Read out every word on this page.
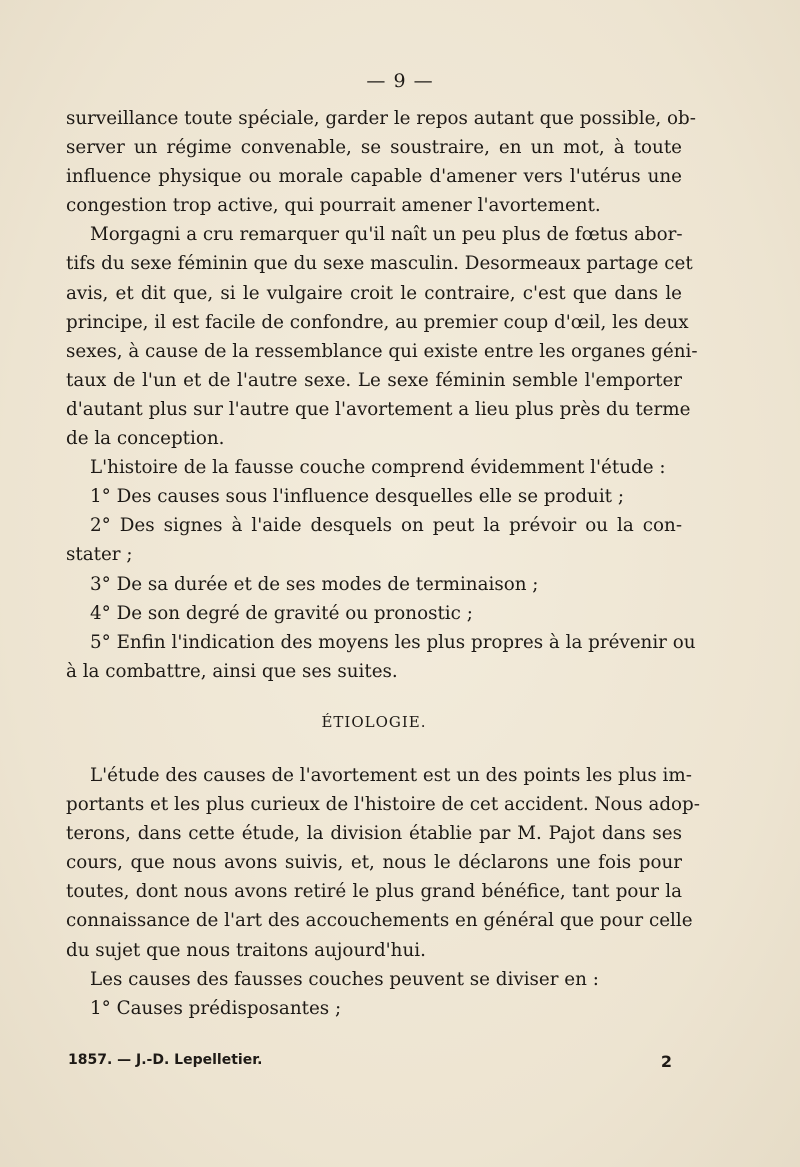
— 9 —
surveillance toute spéciale, garder le repos autant que possible, ob-
server un régime convenable, se soustraire, en un mot, à toute
influence physique ou morale capable d'amener vers l'utérus une
congestion trop active, qui pourrait amener l'avortement.
Morgagni a cru remarquer qu'il naît un peu plus de fœtus abor-
tifs du sexe féminin que du sexe masculin. Desormeaux partage cet
avis, et dit que, si le vulgaire croit le contraire, c'est que dans le
principe, il est facile de confondre, au premier coup d'œil, les deux
sexes, à cause de la ressemblance qui existe entre les organes géni-
taux de l'un et de l'autre sexe. Le sexe féminin semble l'emporter
d'autant plus sur l'autre que l'avortement a lieu plus près du terme
de la conception.
L'histoire de la fausse couche comprend évidemment l'étude :
1° Des causes sous l'influence desquelles elle se produit ;
2° Des signes à l'aide desquels on peut la prévoir ou la con-
stater ;
3° De sa durée et de ses modes de terminaison ;
4° De son degré de gravité ou pronostic ;
5° Enfin l'indication des moyens les plus propres à la prévenir ou
à la combattre, ainsi que ses suites.
ÉTIOLOGIE.
L'étude des causes de l'avortement est un des points les plus im-
portants et les plus curieux de l'histoire de cet accident. Nous adop-
terons, dans cette étude, la division établie par M. Pajot dans ses
cours, que nous avons suivis, et, nous le déclarons une fois pour
toutes, dont nous avons retiré le plus grand bénéfice, tant pour la
connaissance de l'art des accouchements en général que pour celle
du sujet que nous traitons aujourd'hui.
Les causes des fausses couches peuvent se diviser en :
1° Causes prédisposantes ;
1857. — J.-D. Lepelletier.	2
